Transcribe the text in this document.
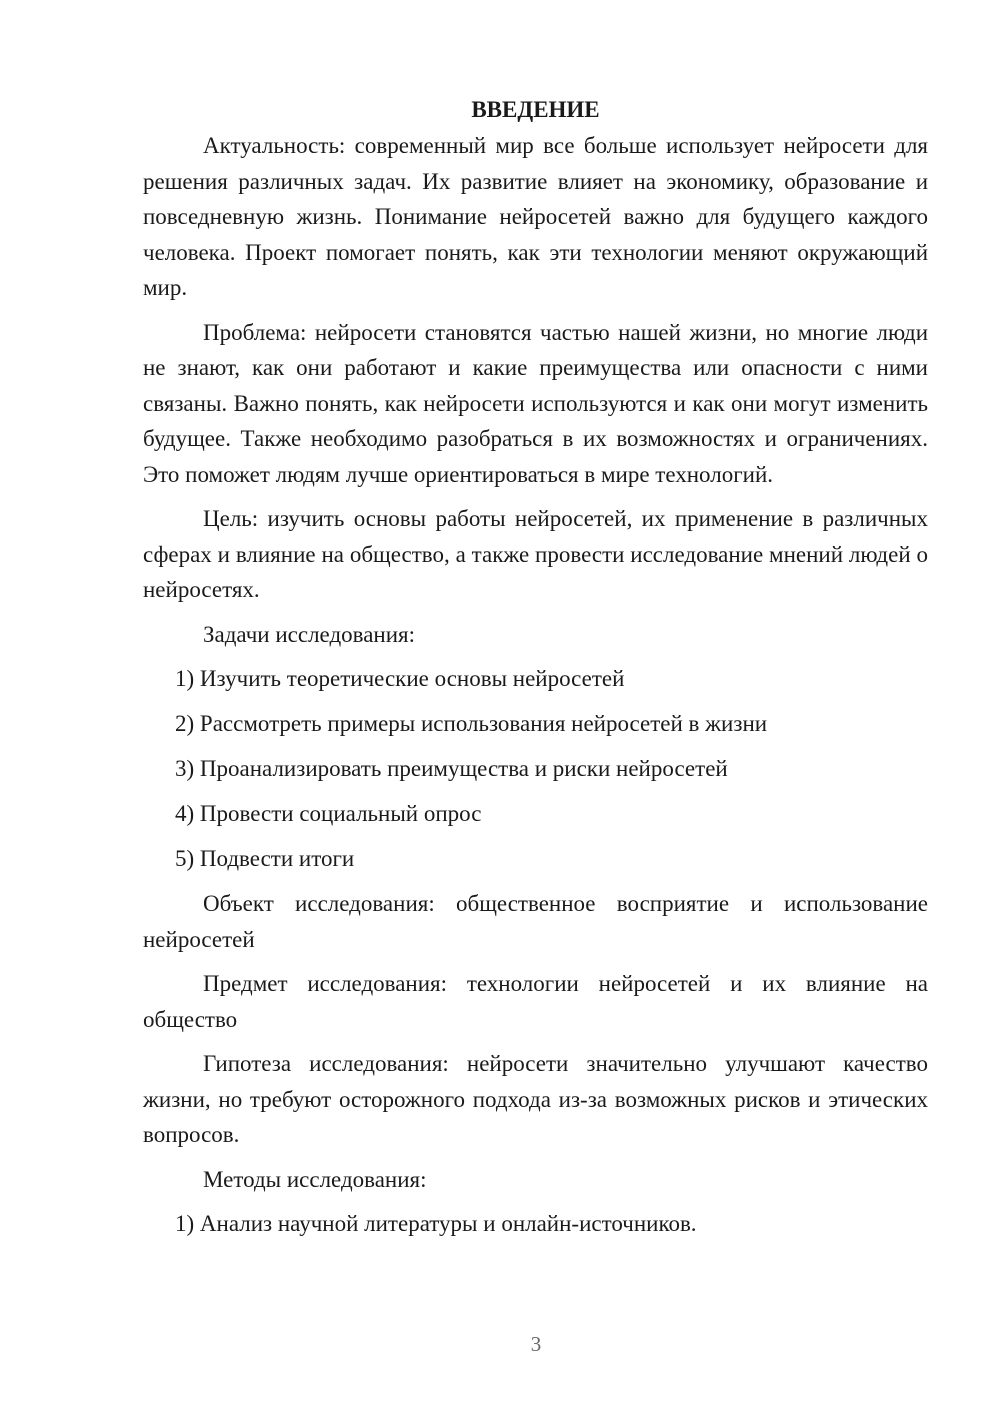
ВВЕДЕНИЕ

Актуальность: современный мир все больше использует нейросети для решения различных задач. Их развитие влияет на экономику, образование и повседневную жизнь. Понимание нейросетей важно для будущего каждого человека. Проект помогает понять, как эти технологии меняют окружающий мир.

Проблема: нейросети становятся частью нашей жизни, но многие люди не знают, как они работают и какие преимущества или опасности с ними связаны. Важно понять, как нейросети используются и как они могут изменить будущее. Также необходимо разобраться в их возможностях и ограничениях. Это поможет людям лучше ориентироваться в мире технологий.

Цель: изучить основы работы нейросетей, их применение в различных сферах и влияние на общество, а также провести исследование мнений людей о нейросетях.

Задачи исследования:

1) Изучить теоретические основы нейросетей
2) Рассмотреть примеры использования нейросетей в жизни
3) Проанализировать преимущества и риски нейросетей
4) Провести социальный опрос
5) Подвести итоги

Объект исследования: общественное восприятие и использование нейросетей

Предмет исследования: технологии нейросетей и их влияние на общество

Гипотеза исследования: нейросети значительно улучшают качество жизни, но требуют осторожного подхода из-за возможных рисков и этических вопросов.

Методы исследования:

1) Анализ научной литературы и онлайн-источников.
3
